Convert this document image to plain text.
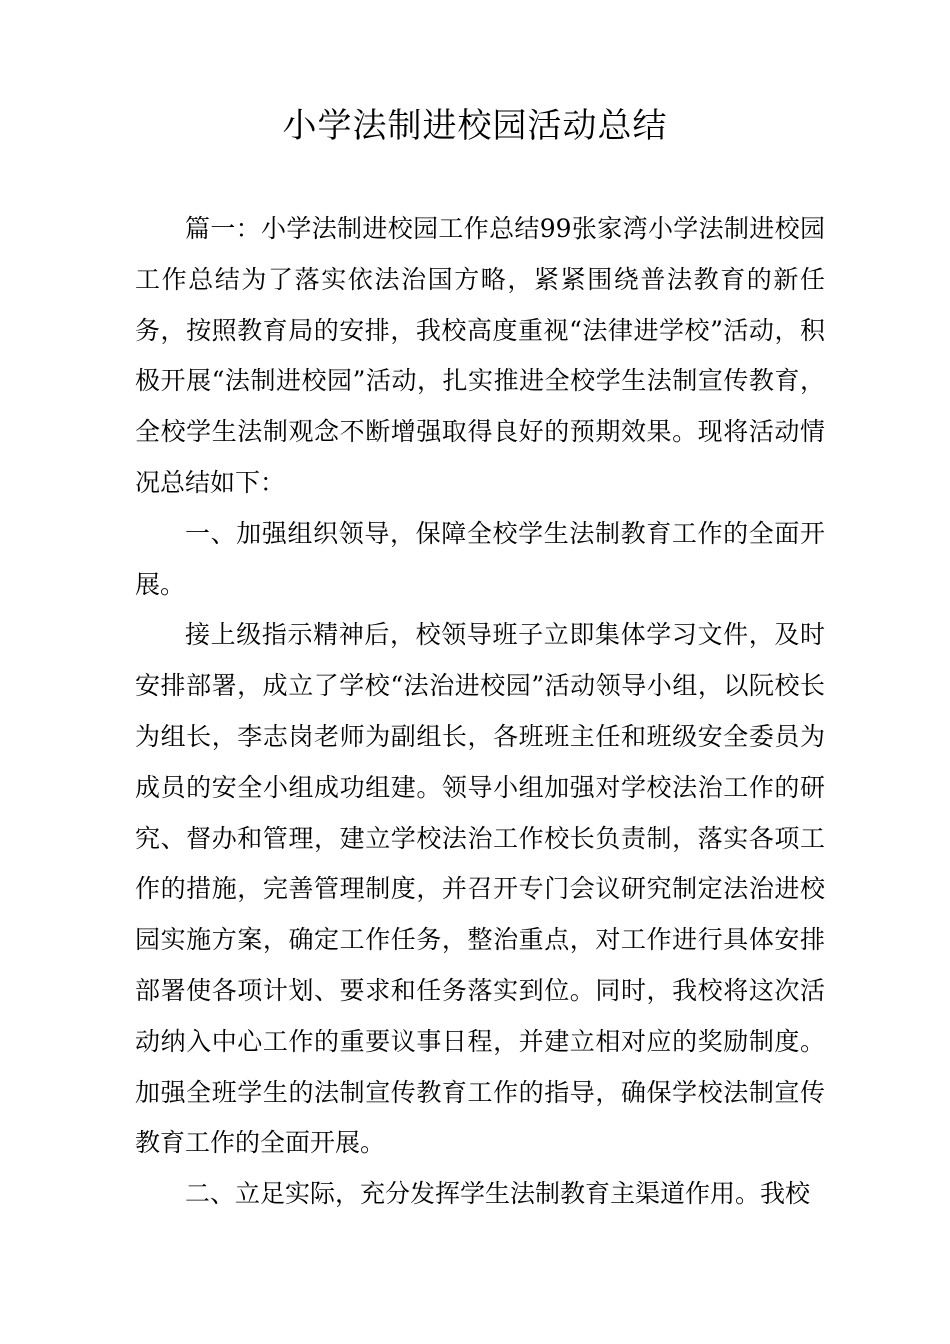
小学法制进校园活动总结

篇一：小学法制进校园工作总结99张家湾小学法制进校园工作总结为了落实依法治国方略，紧紧围绕普法教育的新任务，按照教育局的安排，我校高度重视“法律进学校”活动，积极开展“法制进校园”活动，扎实推进全校学生法制宣传教育，全校学生法制观念不断增强取得良好的预期效果。现将活动情况总结如下：

一、加强组织领导，保障全校学生法制教育工作的全面开展。

接上级指示精神后，校领导班子立即集体学习文件，及时安排部署，成立了学校“法治进校园”活动领导小组，以阮校长为组长，李志岗老师为副组长，各班班主任和班级安全委员为成员的安全小组成功组建。领导小组加强对学校法治工作的研究、督办和管理，建立学校法治工作校长负责制，落实各项工作的措施，完善管理制度，并召开专门会议研究制定法治进校园实施方案，确定工作任务，整治重点，对工作进行具体安排部署使各项计划、要求和任务落实到位。同时，我校将这次活动纳入中心工作的重要议事日程，并建立相对应的奖励制度。加强全班学生的法制宣传教育工作的指导，确保学校法制宣传教育工作的全面开展。

二、立足实际，充分发挥学生法制教育主渠道作用。我校
